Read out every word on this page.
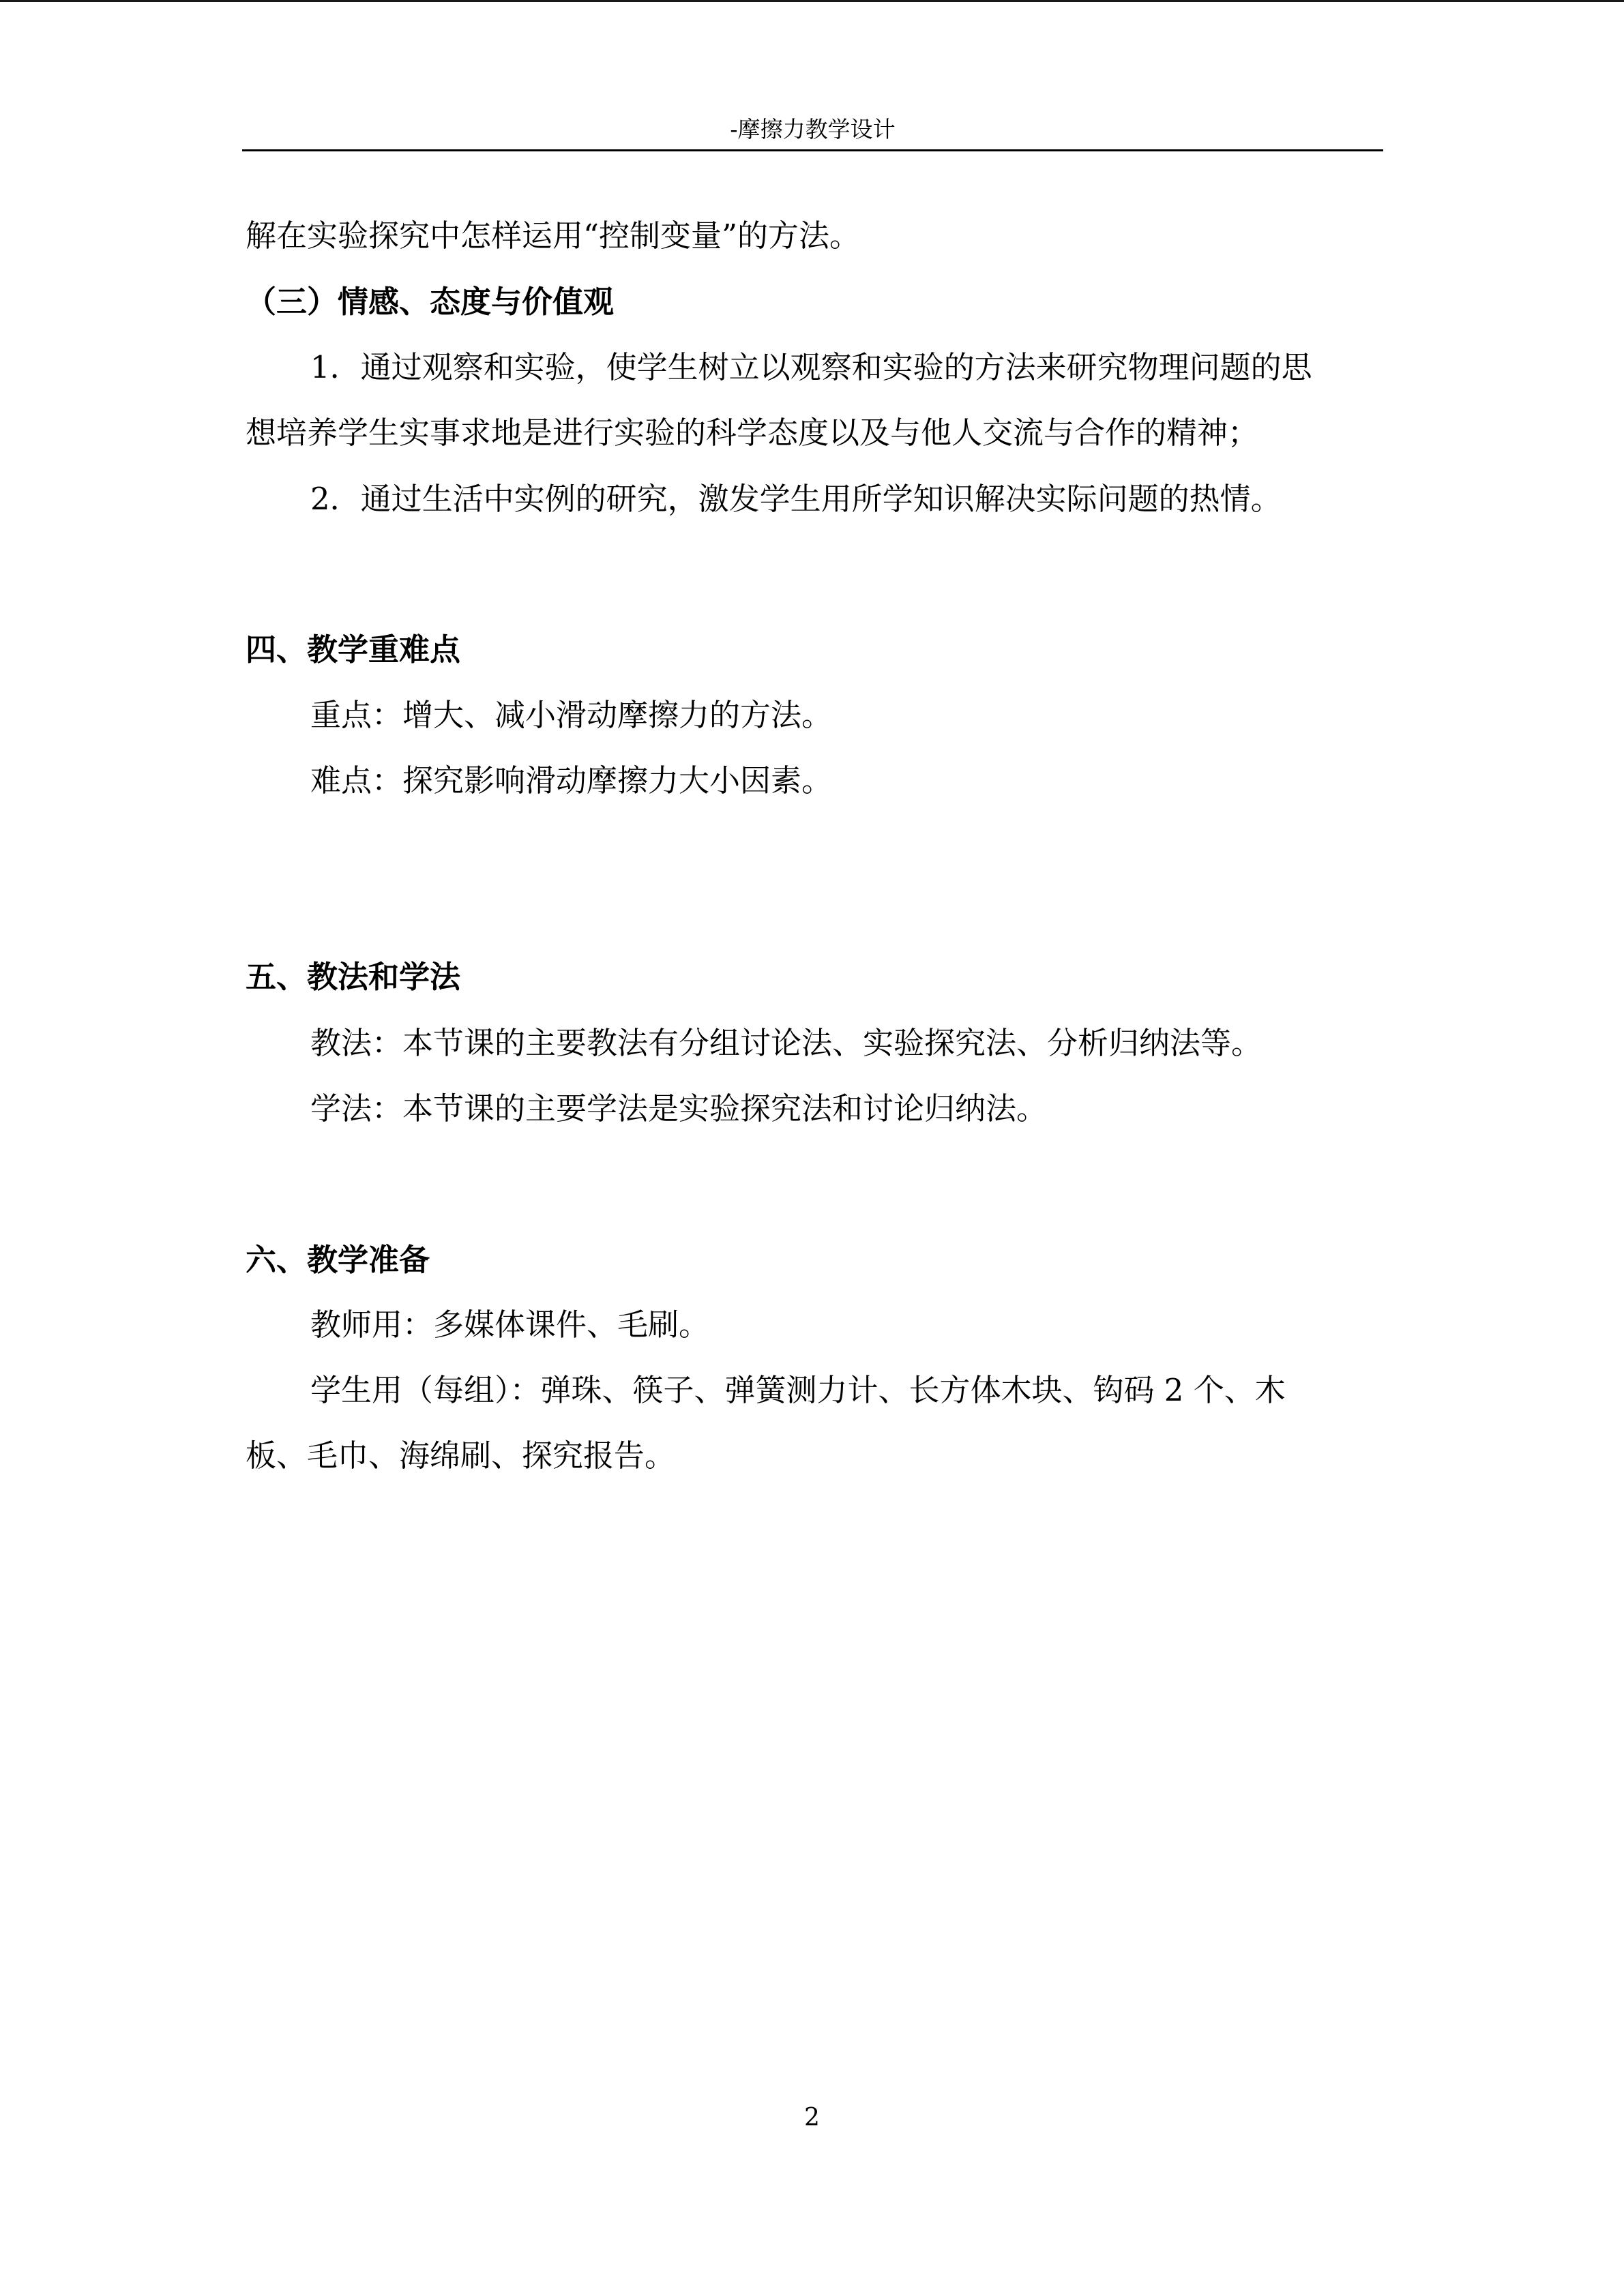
-摩擦力教学设计
解在实验探究中怎样运用“控制变量”的方法。
（三）情感、态度与价值观
1．通过观察和实验，使学生树立以观察和实验的方法来研究物理问题的思
想培养学生实事求地是进行实验的科学态度以及与他人交流与合作的精神；
2．通过生活中实例的研究，激发学生用所学知识解决实际问题的热情。
四、教学重难点
重点：增大、减小滑动摩擦力的方法。
难点：探究影响滑动摩擦力大小因素。
五、教法和学法
教法：本节课的主要教法有分组讨论法、实验探究法、分析归纳法等。
学法：本节课的主要学法是实验探究法和讨论归纳法。
六、教学准备
教师用：多媒体课件、毛刷。
学生用（每组）：弹珠、筷子、弹簧测力计、长方体木块、钩码 2 个、木
板、毛巾、海绵刷、探究报告。
2
